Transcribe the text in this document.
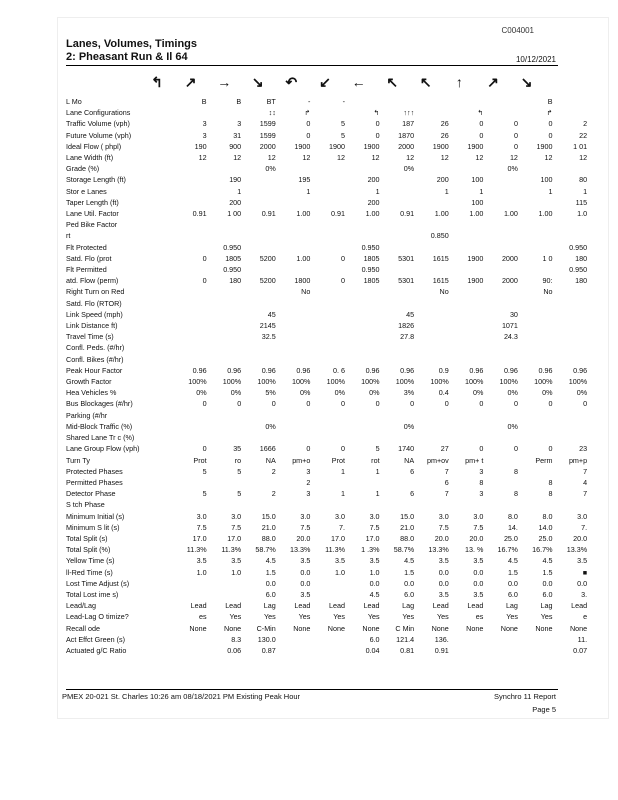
C004001
Lanes, Volumes, Timings
2: Pheasant Run & Il 64	10/12/2021
↰	↗	→	↘	↶	↙	←	↖	↖	↑	↗	↘
L Mo	B	B	BT	-	-						B	
Lane Configurations			↕↕	↱		↰	↑↑↑		↰		↱	
Traffic Volume (vph)	3	3	1599	0	5	0	187	26	0	0	0	2
Future Volume (vph)	3	31	1599	0	5	0	1870	26	0	0	0	22
Ideal Flow ( phpl)	190	900	2000	1900	1900	1900	2000	1900	1900	0	1900	1 01
Lane Width (ft)	12	12	12	12	12	12	12	12	12	12	12	12
Grade (%)			0%				0%			0%		
Storage Length (ft)		190		195		200		200	100		100	80
Stor e Lanes		1		1		1		1	1		1	1
Taper Length (ft)		200				200			100			115
Lane Util. Factor	0.91	1 00	0.91	1.00	0.91	1.00	0.91	1.00	1.00	1.00	1.00	1.0
Ped Bike Factor												
rt								0.850				
Flt Protected		0.950				0.950						0.950
Satd. Flo (prot	0	1805	5200	1.00	0	1805	5301	1615	1900	2000	1 0	180
Flt Permitted		0.950				0.950						0.950
atd. Flow (perm)	0	180	5200	1800	0	1805	5301	1615	1900	2000	90:	180
Right Turn on Red				No				No			No	
Satd. Flo (RTOR)												
Link Speed (mph)			45				45			30		
Link Distance ft)			2145				1826			1071		
Travel Time (s)			32.5				27.8			24.3		
Confl. Peds. (#/hr)												
Confl. Bikes (#/hr)												
Peak Hour Factor	0.96	0.96	0.96	0.96	0. 6	0.96	0.96	0.9	0.96	0.96	0.96	0.96
Growth Factor	100%	100%	100%	100%	100%	100%	100%	100%	100%	100%	100%	100%
Hea Vehicles %	0%	0%	5%	0%	0%	0%	3%	0.4	0%	0%	0%	0%
Bus Blockages (#/hr)	0	0	0	0	0	0	0	0	0	0	0	0
Parking (#/hr												
Mid-Block Traffic (%)			0%				0%			0%		
Shared Lane Tr c (%)												
Lane Group Flow (vph)	0	35	1666	0	0	5	1740	27	0	0	0	23
Turn Ty	Prot	ro	NA	pm+o	Prot	rot	NA	pm+ov	pm+ t		Perm	pm+p
Protected Phases	5	5	2	3	1	1	6	7	3	8		7
Permitted Phases				2				6	8		8	4
Detector Phase	5	5	2	3	1	1	6	7	3	8	8	7
S tch Phase												
Minimum Initial (s)	3.0	3.0	15.0	3.0	3.0	3.0	15.0	3.0	3.0	8.0	8.0	3.0
Minimum S lit (s)	7.5	7.5	21.0	7.5	7.	7.5	21.0	7.5	7.5	14.	14.0	7.
Total Split (s)	17.0	17.0	88.0	20.0	17.0	17.0	88.0	20.0	20.0	25.0	25.0	20.0
Total Split (%)	11.3%	11.3%	58.7%	13.3%	11.3%	1 .3%	58.7%	13.3%	13. %	16.7%	16.7%	13.3%
Yellow Time (s)	3.5	3.5	4.5	3.5	3.5	3.5	4.5	3.5	3.5	4.5	4.5	3.5
ll-Red Time (s)	1.0	1.0	1.5	0.0	1.0	1.0	1.5	0.0	0.0	1.5	1.5	■
Lost Time Adjust (s)			0.0	0.0		0.0	0.0	0.0	0.0	0.0	0.0	0.0
Total Lost ime s)			6.0	3.5		4.5	6.0	3.5	3.5	6.0	6.0	3.
Lead/Lag	Lead	Lead	Lag	Lead	Lead	Lead	Lag	Lead	Lead	Lag	Lag	Lead
Lead-Lag O timize?	es	Yes	Yes	Yes	Yes	Yes	Yes	Yes	es	Yes	Yes	e
Recall ode	None	None	C-Min	None	None	None	C Min	None	None	None	None	None
Act Effct Green (s)		8.3	130.0			6.0	121.4	136.				11.
Actuated g/C Ratio		0.06	0.87			0.04	0.81	0.91				0.07
PMEX 20-021 St. Charles 10:26 am 08/18/2021 PM Existing Peak Hour	Synchro 11 Report
Page 5
